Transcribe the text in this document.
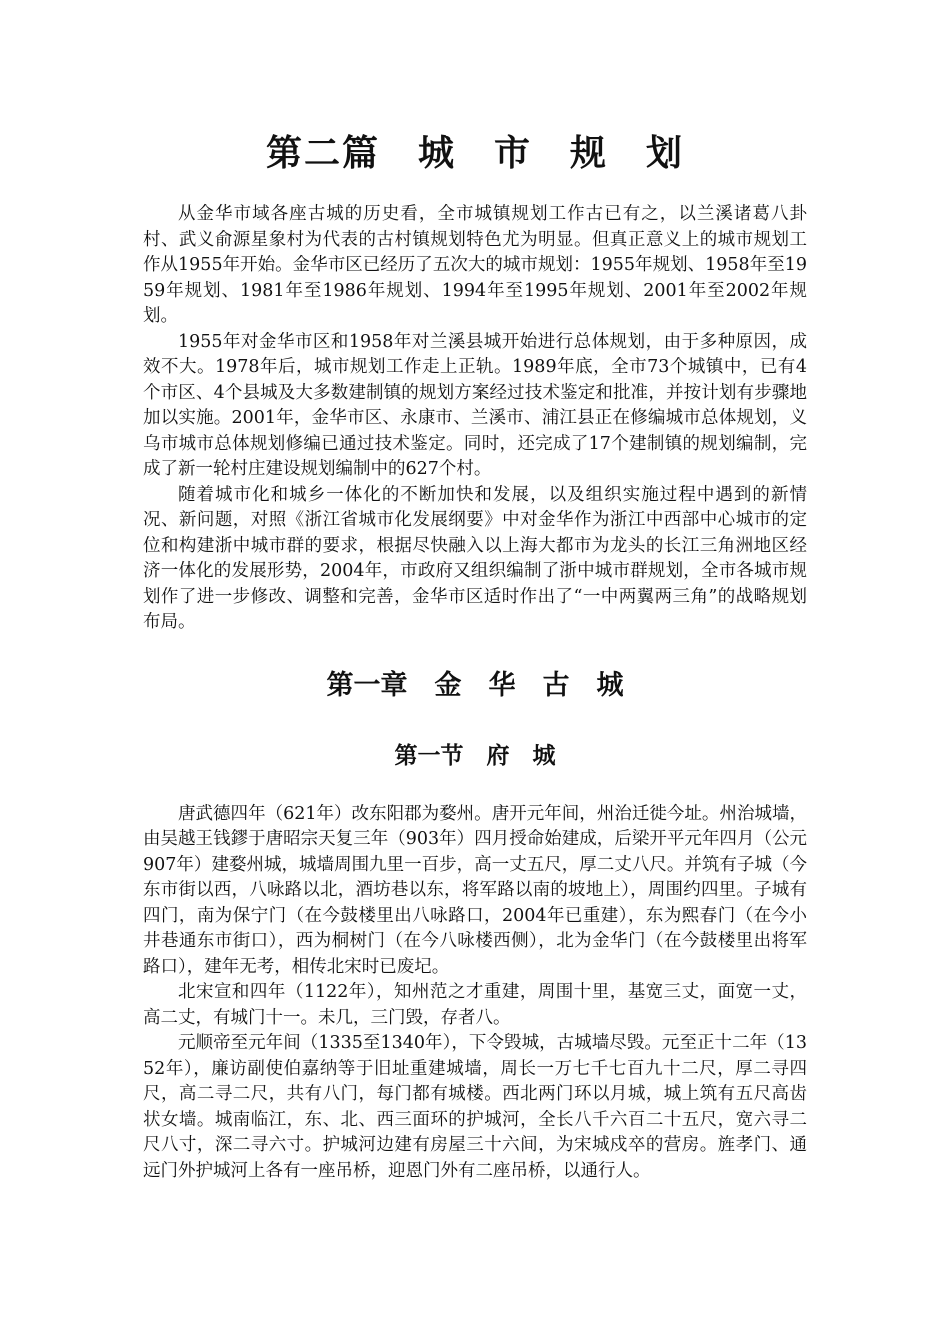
第二篇　城　市　规　划

从金华市域各座古城的历史看，全市城镇规划工作古已有之，以兰溪诸葛八卦村、武义俞源星象村为代表的古村镇规划特色尤为明显。但真正意义上的城市规划工作从1955年开始。金华市区已经历了五次大的城市规划：1955年规划、1958年至1959年规划、1981年至1986年规划、1994年至1995年规划、2001年至2002年规划。

1955年对金华市区和1958年对兰溪县城开始进行总体规划，由于多种原因，成效不大。1978年后，城市规划工作走上正轨。1989年底，全市73个城镇中，已有4个市区、4个县城及大多数建制镇的规划方案经过技术鉴定和批准，并按计划有步骤地加以实施。2001年，金华市区、永康市、兰溪市、浦江县正在修编城市总体规划，义乌市城市总体规划修编已通过技术鉴定。同时，还完成了17个建制镇的规划编制，完成了新一轮村庄建设规划编制中的627个村。

随着城市化和城乡一体化的不断加快和发展，以及组织实施过程中遇到的新情况、新问题，对照《浙江省城市化发展纲要》中对金华作为浙江中西部中心城市的定位和构建浙中城市群的要求，根据尽快融入以上海大都市为龙头的长江三角洲地区经济一体化的发展形势，2004年，市政府又组织编制了浙中城市群规划，全市各城市规划作了进一步修改、调整和完善，金华市区适时作出了“一中两翼两三角”的战略规划布局。

第一章　金　华　古　城
第一节　府　城

唐武德四年（621年）改东阳郡为婺州。唐开元年间，州治迁徙今址。州治城墙，由吴越王钱鏐于唐昭宗天复三年（903年）四月授命始建成，后梁开平元年四月（公元907年）建婺州城，城墙周围九里一百步，高一丈五尺，厚二丈八尺。并筑有子城（今东市街以西，八咏路以北，酒坊巷以东，将军路以南的坡地上），周围约四里。子城有四门，南为保宁门（在今鼓楼里出八咏路口，2004年已重建），东为熙春门（在今小井巷通东市街口），西为桐树门（在今八咏楼西侧），北为金华门（在今鼓楼里出将军路口），建年无考，相传北宋时已废圮。

北宋宣和四年（1122年），知州范之才重建，周围十里，基宽三丈，面宽一丈，高二丈，有城门十一。未几，三门毁，存者八。

元顺帝至元年间（1335至1340年），下令毁城，古城墙尽毁。元至正十二年（1352年），廉访副使伯嘉纳等于旧址重建城墙，周长一万七千七百九十二尺，厚二寻四尺，高二寻二尺，共有八门，每门都有城楼。西北两门环以月城，城上筑有五尺高齿状女墙。城南临江，东、北、西三面环的护城河，全长八千六百二十五尺，宽六寻二尺八寸，深二寻六寸。护城河边建有房屋三十六间，为宋城戍卒的营房。旌孝门、通远门外护城河上各有一座吊桥，迎恩门外有二座吊桥，以通行人。
